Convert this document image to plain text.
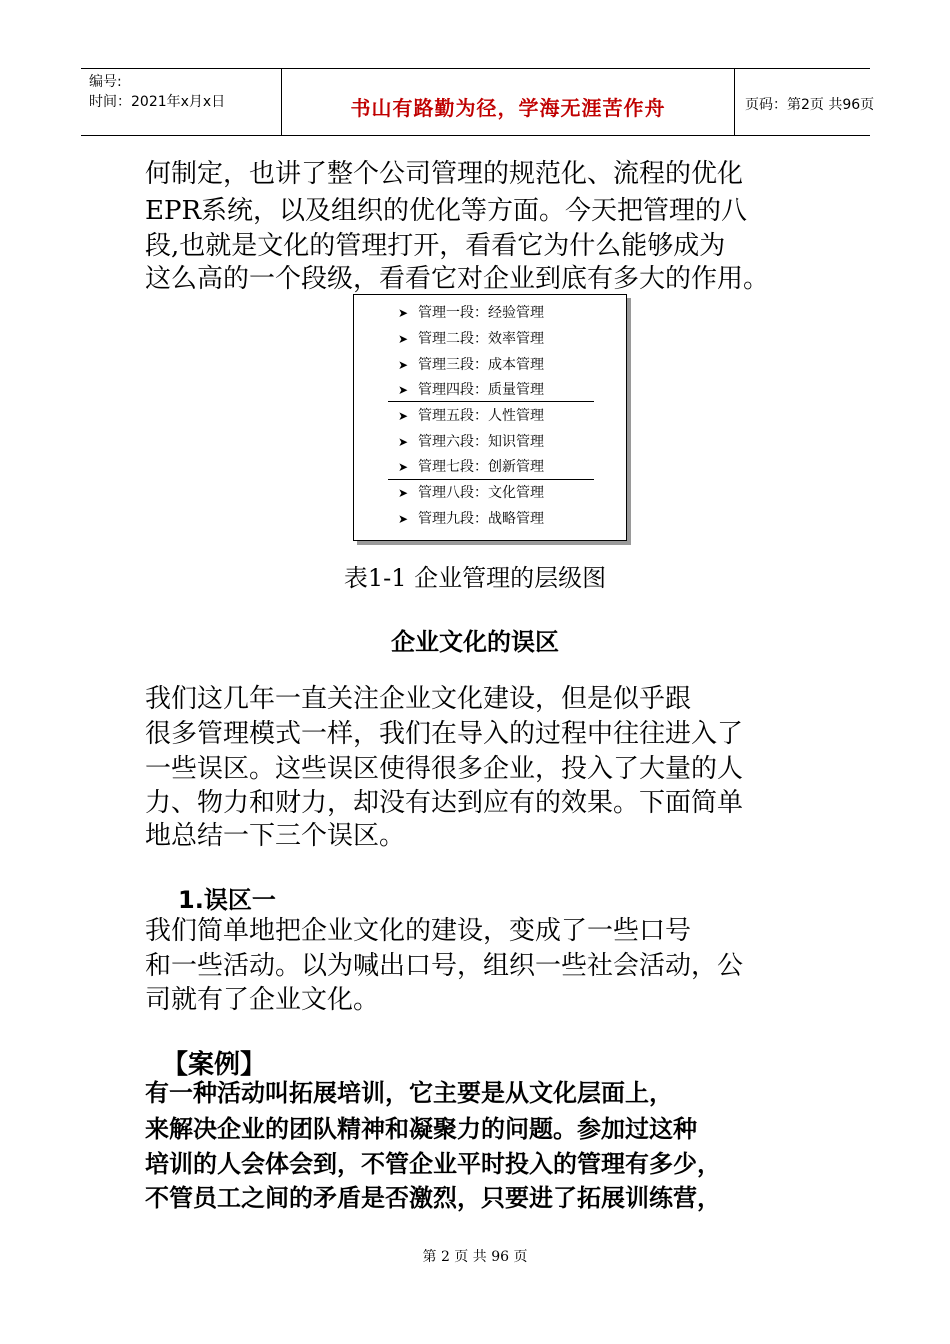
编号:
时间：2021年x月x日	书山有路勤为径，学海无涯苦作舟	页码：第2页 共96页
何制定，也讲了整个公司管理的规范化、流程的优化
EPR系统，以及组织的优化等方面。今天把管理的八
段,也就是文化的管理打开，看看它为什么能够成为
这么高的一个段级，看看它对企业到底有多大的作用。
➤ 管理一段：经验管理
➤ 管理二段：效率管理
➤ 管理三段：成本管理
➤ 管理四段：质量管理
➤ 管理五段：人性管理
➤ 管理六段：知识管理
➤ 管理七段：创新管理
➤ 管理八段：文化管理
➤ 管理九段：战略管理
表1-1 企业管理的层级图
企业文化的误区
我们这几年一直关注企业文化建设，但是似乎跟
很多管理模式一样，我们在导入的过程中往往进入了
一些误区。这些误区使得很多企业，投入了大量的人
力、物力和财力，却没有达到应有的效果。下面简单
地总结一下三个误区。
1.误区一
我们简单地把企业文化的建设，变成了一些口号
和一些活动。以为喊出口号，组织一些社会活动，公
司就有了企业文化。
【案例】
有一种活动叫拓展培训，它主要是从文化层面上，
来解决企业的团队精神和凝聚力的问题。参加过这种
培训的人会体会到，不管企业平时投入的管理有多少，
不管员工之间的矛盾是否激烈，只要进了拓展训练营，
第 2 页 共 96 页
